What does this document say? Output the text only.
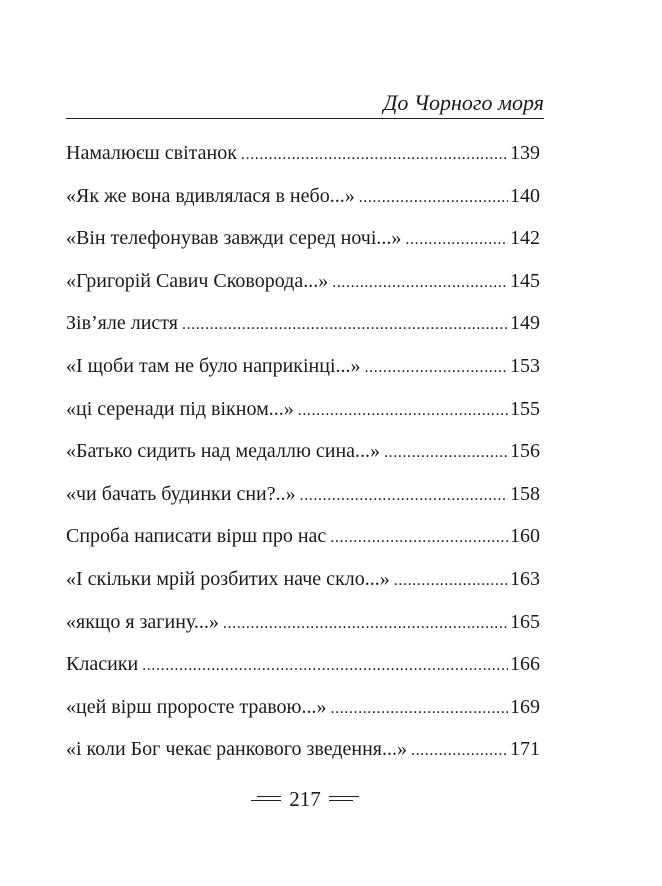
До Чорного моря
Намалюєш світанок .....	139
«Як же вона вдивлялася в небо...» .....	140
«Він телефонував завжди серед ночі...» .....	142
«Григорій Савич Сковорода...» .....	145
Зів’яле листя .....	149
«І щоби там не було наприкінці...» .....	153
«ці серенади під вікном...» .....	155
«Батько сидить над медаллю сина...» .....	156
«чи бачать будинки сни?..» .....	158
Спроба написати вірш про нас .....	160
«І скільки мрій розбитих наче скло...» .....	163
«якщо я загину...» .....	165
Класики .....	166
«цей вірш проросте травою...» .....	169
«і коли Бог чекає ранкового зведення...» .....	171
217
